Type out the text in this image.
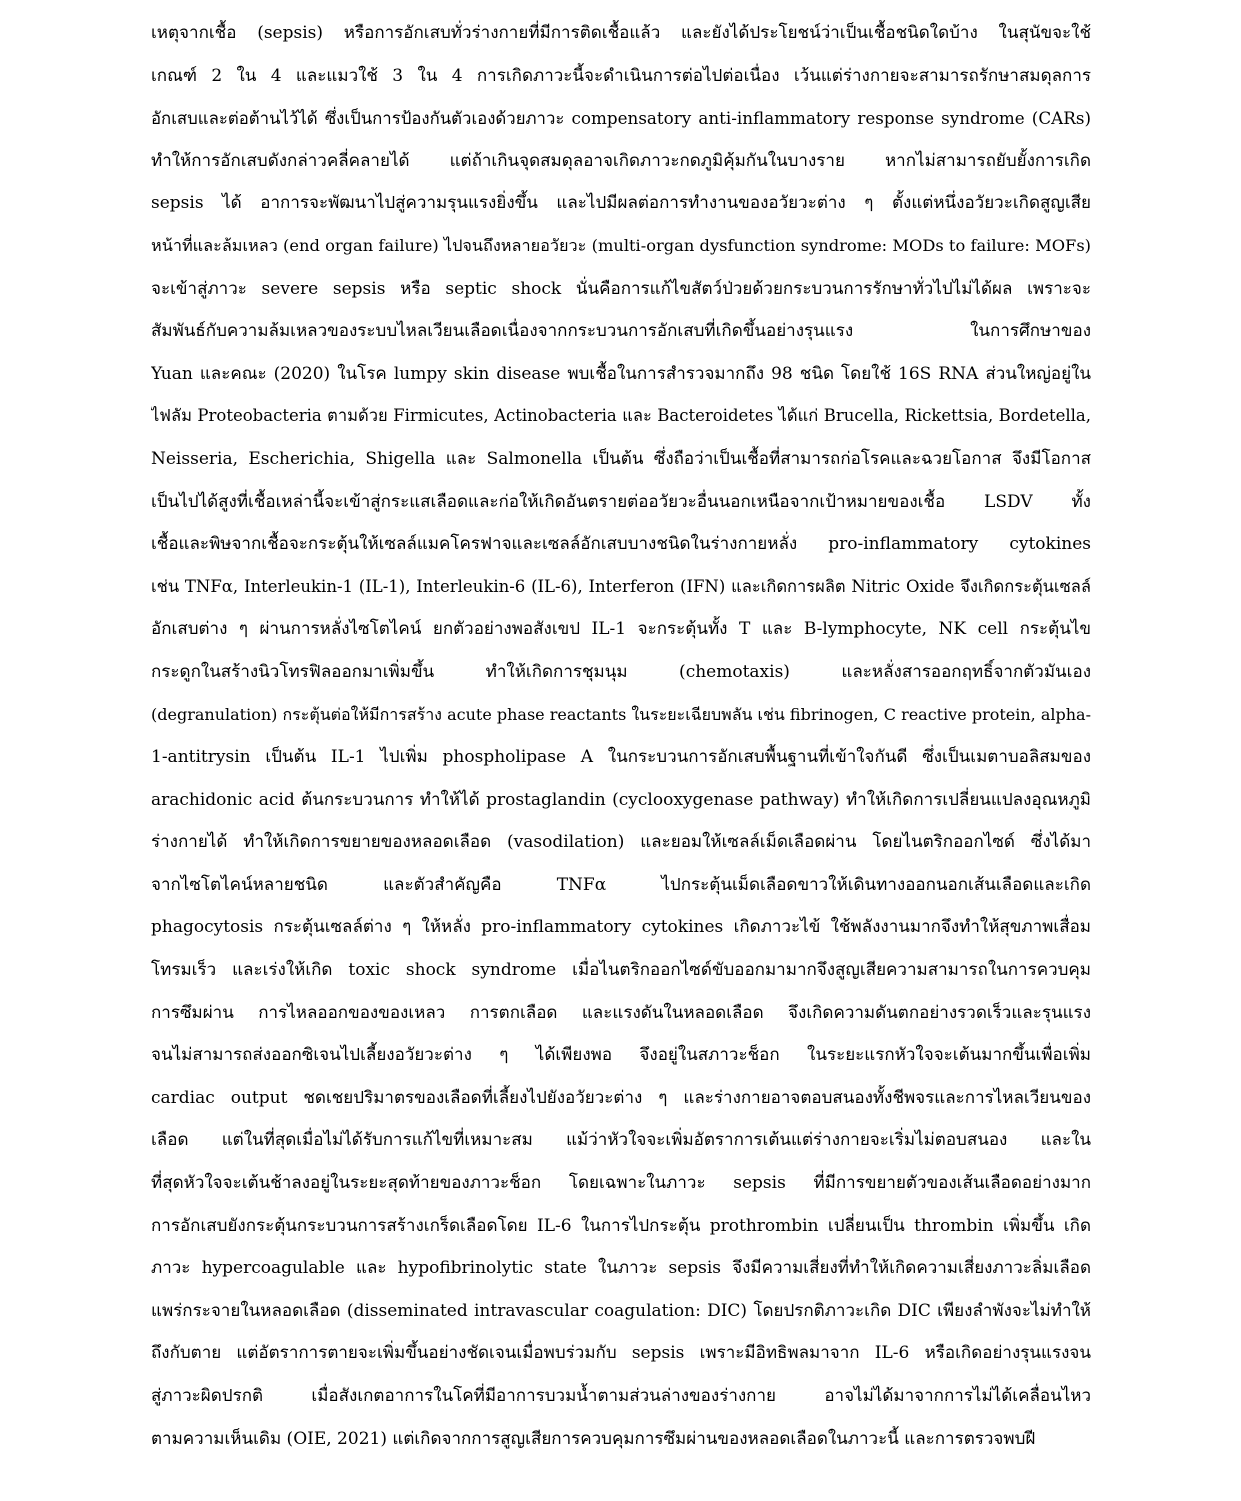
เหตุจากเชื้อ (sepsis) หรือการอักเสบทั่วร่างกายที่มีการติดเชื้อแล้ว และยังได้ประโยชน์ว่าเป็นเชื้อชนิดใดบ้าง ในสุนัขจะใช้
เกณฑ์ 2 ใน 4 และแมวใช้ 3 ใน 4 การเกิดภาวะนี้จะดำเนินการต่อไปต่อเนื่อง เว้นแต่ร่างกายจะสามารถรักษาสมดุลการ
อักเสบและต่อต้านไว้ได้ ซึ่งเป็นการป้องกันตัวเองด้วยภาวะ compensatory anti-inflammatory response syndrome (CARs)
ทำให้การอักเสบดังกล่าวคลี่คลายได้ แต่ถ้าเกินจุดสมดุลอาจเกิดภาวะกดภูมิคุ้มกันในบางราย หากไม่สามารถยับยั้งการเกิด
sepsis ได้ อาการจะพัฒนาไปสู่ความรุนแรงยิ่งขึ้น และไปมีผลต่อการทำงานของอวัยวะต่าง ๆ ตั้งแต่หนึ่งอวัยวะเกิดสูญเสีย
หน้าที่และล้มเหลว (end organ failure) ไปจนถึงหลายอวัยวะ (multi-organ dysfunction syndrome: MODs to failure: MOFs)
จะเข้าสู่ภาวะ severe sepsis หรือ septic shock นั่นคือการแก้ไขสัตว์ป่วยด้วยกระบวนการรักษาทั่วไปไม่ได้ผล เพราะจะ
สัมพันธ์กับความล้มเหลวของระบบไหลเวียนเลือดเนื่องจากกระบวนการอักเสบที่เกิดขึ้นอย่างรุนแรง ในการศึกษาของ
Yuan และคณะ (2020) ในโรค lumpy skin disease พบเชื้อในการสำรวจมากถึง 98 ชนิด โดยใช้ 16S RNA ส่วนใหญ่อยู่ใน
ไฟลัม Proteobacteria ตามด้วย Firmicutes, Actinobacteria และ Bacteroidetes ได้แก่ Brucella, Rickettsia, Bordetella,
Neisseria, Escherichia, Shigella และ Salmonella เป็นต้น ซึ่งถือว่าเป็นเชื้อที่สามารถก่อโรคและฉวยโอกาส จึงมีโอกาส
เป็นไปได้สูงที่เชื้อเหล่านี้จะเข้าสู่กระแสเลือดและก่อให้เกิดอันตรายต่ออวัยวะอื่นนอกเหนือจากเป้าหมายของเชื้อ LSDV ทั้ง
เชื้อและพิษจากเชื้อจะกระตุ้นให้เซลล์แมคโครฟาจและเซลล์อักเสบบางชนิดในร่างกายหลั่ง pro-inflammatory cytokines
เช่น TNFα, Interleukin-1 (IL-1), Interleukin-6 (IL-6), Interferon (IFN) และเกิดการผลิต Nitric Oxide จึงเกิดกระตุ้นเซลล์
อักเสบต่าง ๆ ผ่านการหลั่งไซโตไคน์ ยกตัวอย่างพอสังเขป IL-1 จะกระตุ้นทั้ง T และ B-lymphocyte, NK cell กระตุ้นไข
กระดูกในสร้างนิวโทรฟิลออกมาเพิ่มขึ้น ทำให้เกิดการชุมนุม (chemotaxis) และหลั่งสารออกฤทธิ์จากตัวมันเอง
(degranulation) กระตุ้นต่อให้มีการสร้าง acute phase reactants ในระยะเฉียบพลัน เช่น fibrinogen, C reactive protein, alpha-
1-antitrysin เป็นต้น IL-1 ไปเพิ่ม phospholipase A ในกระบวนการอักเสบพื้นฐานที่เข้าใจกันดี ซึ่งเป็นเมตาบอลิสมของ
arachidonic acid ต้นกระบวนการ ทำให้ได้ prostaglandin (cyclooxygenase pathway) ทำให้เกิดการเปลี่ยนแปลงอุณหภูมิ
ร่างกายได้ ทำให้เกิดการขยายของหลอดเลือด (vasodilation) และยอมให้เซลล์เม็ดเลือดผ่าน โดยไนตริกออกไซด์ ซึ่งได้มา
จากไซโตไคน์หลายชนิด และตัวสำคัญคือ TNFα ไปกระตุ้นเม็ดเลือดขาวให้เดินทางออกนอกเส้นเลือดและเกิด
phagocytosis กระตุ้นเซลล์ต่าง ๆ ให้หลั่ง pro-inflammatory cytokines เกิดภาวะไข้ ใช้พลังงานมากจึงทำให้สุขภาพเสื่อม
โทรมเร็ว และเร่งให้เกิด toxic shock syndrome เมื่อไนตริกออกไซด์ขับออกมามากจึงสูญเสียความสามารถในการควบคุม
การซึมผ่าน การไหลออกของของเหลว การตกเลือด และแรงดันในหลอดเลือด จึงเกิดความดันตกอย่างรวดเร็วและรุนแรง
จนไม่สามารถส่งออกซิเจนไปเลี้ยงอวัยวะต่าง ๆ ได้เพียงพอ จึงอยู่ในสภาวะช็อก ในระยะแรกหัวใจจะเต้นมากขึ้นเพื่อเพิ่ม
cardiac output ชดเชยปริมาตรของเลือดที่เลี้ยงไปยังอวัยวะต่าง ๆ และร่างกายอาจตอบสนองทั้งชีพจรและการไหลเวียนของ
เลือด แต่ในที่สุดเมื่อไม่ได้รับการแก้ไขที่เหมาะสม แม้ว่าหัวใจจะเพิ่มอัตราการเต้นแต่ร่างกายจะเริ่มไม่ตอบสนอง และใน
ที่สุดหัวใจจะเต้นช้าลงอยู่ในระยะสุดท้ายของภาวะช็อก โดยเฉพาะในภาวะ sepsis ที่มีการขยายตัวของเส้นเลือดอย่างมาก
การอักเสบยังกระตุ้นกระบวนการสร้างเกร็ดเลือดโดย IL-6 ในการไปกระตุ้น prothrombin เปลี่ยนเป็น thrombin เพิ่มขึ้น เกิด
ภาวะ hypercoagulable และ hypofibrinolytic state ในภาวะ sepsis จึงมีความเสี่ยงที่ทำให้เกิดความเสี่ยงภาวะลิ่มเลือด
แพร่กระจายในหลอดเลือด (disseminated intravascular coagulation: DIC) โดยปรกติภาวะเกิด DIC เพียงลำพังจะไม่ทำให้
ถึงกับตาย แต่อัตราการตายจะเพิ่มขึ้นอย่างชัดเจนเมื่อพบร่วมกับ sepsis เพราะมีอิทธิพลมาจาก IL-6 หรือเกิดอย่างรุนแรงจน
สู่ภาวะผิดปรกติ เมื่อสังเกตอาการในโคที่มีอาการบวมน้ำตามส่วนล่างของร่างกาย อาจไม่ได้มาจากการไม่ได้เคลื่อนไหว
ตามความเห็นเดิม (OIE, 2021) แต่เกิดจากการสูญเสียการควบคุมการซึมผ่านของหลอดเลือดในภาวะนี้ และการตรวจพบฝี
